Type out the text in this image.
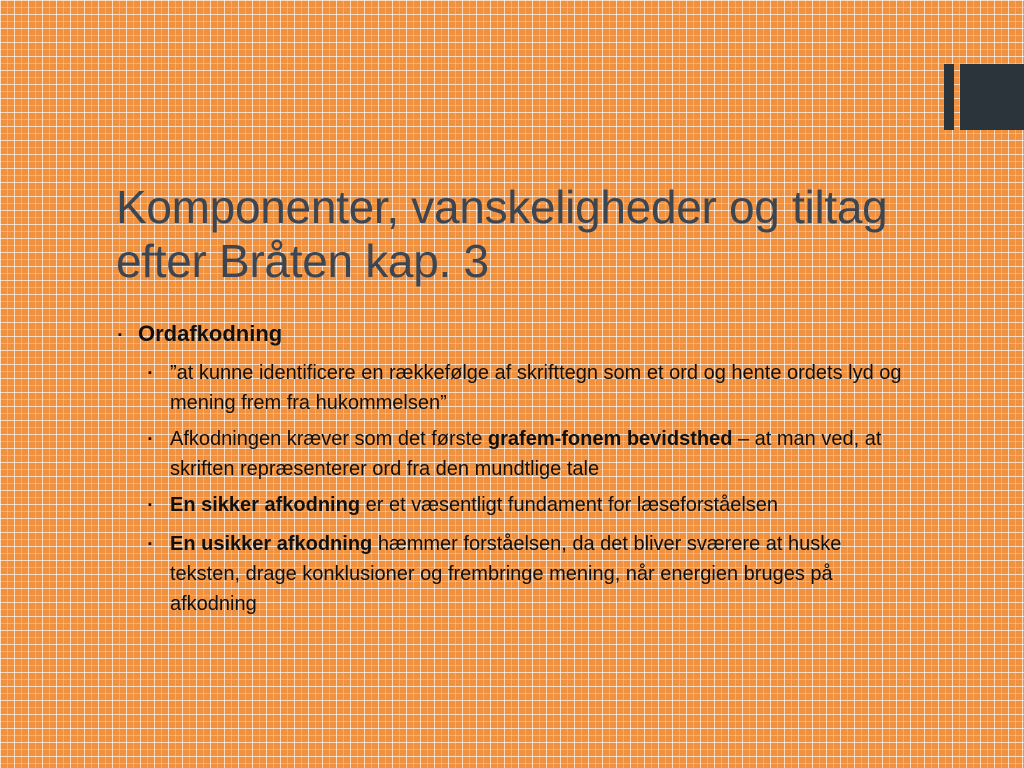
Komponenter, vanskeligheder og tiltag efter Bråten kap. 3
▪ Ordafkodning
▪ ”at kunne identificere en rækkefølge af skrifttegn som et ord og hente ordets lyd og mening frem fra hukommelsen”
▪ Afkodningen kræver som det første grafem-fonem bevidsthed – at man ved, at skriften repræsenterer ord fra den mundtlige tale
▪ En sikker afkodning er et væsentligt fundament for læseforståelsen
▪ En usikker afkodning hæmmer forståelsen, da det bliver sværere at huske teksten, drage konklusioner og frembringe mening, når energien bruges på afkodning
